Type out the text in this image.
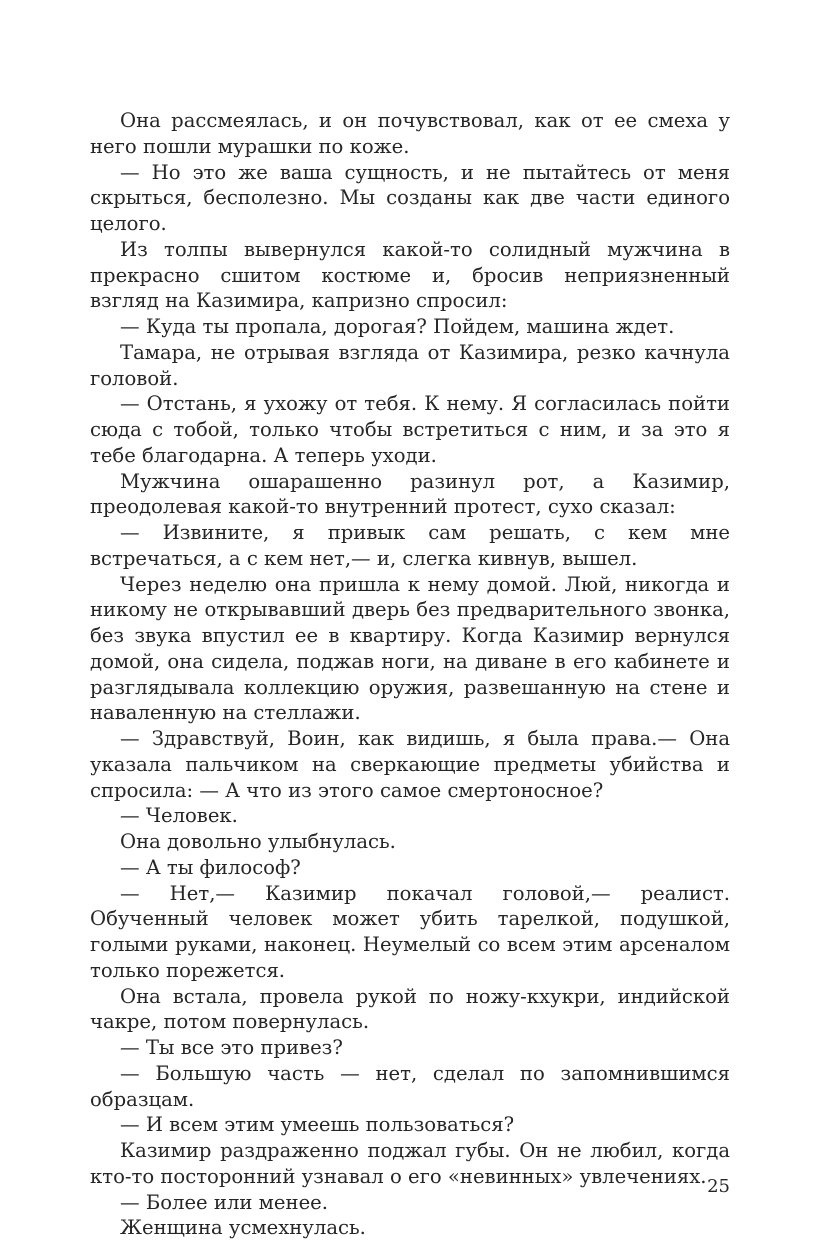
Она рассмеялась, и он почувствовал, как от ее смеха у него пошли мурашки по коже.

— Но это же ваша сущность, и не пытайтесь от меня скрыться, бесполезно. Мы созданы как две части единого целого.

Из толпы вывернулся какой-то солидный мужчина в прекрасно сшитом костюме и, бросив неприязненный взгляд на Казимира, капризно спросил:

— Куда ты пропала, дорогая? Пойдем, машина ждет.

Тамара, не отрывая взгляда от Казимира, резко качнула головой.

— Отстань, я ухожу от тебя. К нему. Я согласилась пойти сюда с тобой, только чтобы встретиться с ним, и за это я тебе благодарна. А теперь уходи.

Мужчина ошарашенно разинул рот, а Казимир, преодолевая какой-то внутренний протест, сухо сказал:

— Извините, я привык сам решать, с кем мне встречаться, а с кем нет,— и, слегка кивнув, вышел.

Через неделю она пришла к нему домой. Люй, никогда и никому не открывавший дверь без предварительного звонка, без звука впустил ее в квартиру. Когда Казимир вернулся домой, она сидела, поджав ноги, на диване в его кабинете и разглядывала коллекцию оружия, развешанную на стене и наваленную на стеллажи.

— Здравствуй, Воин, как видишь, я была права.— Она указала пальчиком на сверкающие предметы убийства и спросила: — А что из этого самое смертоносное?

— Человек.

Она довольно улыбнулась.

— А ты философ?

— Нет,— Казимир покачал головой,— реалист. Обученный человек может убить тарелкой, подушкой, голыми руками, наконец. Неумелый со всем этим арсеналом только порежется.

Она встала, провела рукой по ножу-кхукри, индийской чакре, потом повернулась.

— Ты все это привез?

— Большую часть — нет, сделал по запомнившимся образцам.

— И всем этим умеешь пользоваться?

Казимир раздраженно поджал губы. Он не любил, когда кто-то посторонний узнавал о его «невинных» увлечениях.

— Более или менее.

Женщина усмехнулась.

25
